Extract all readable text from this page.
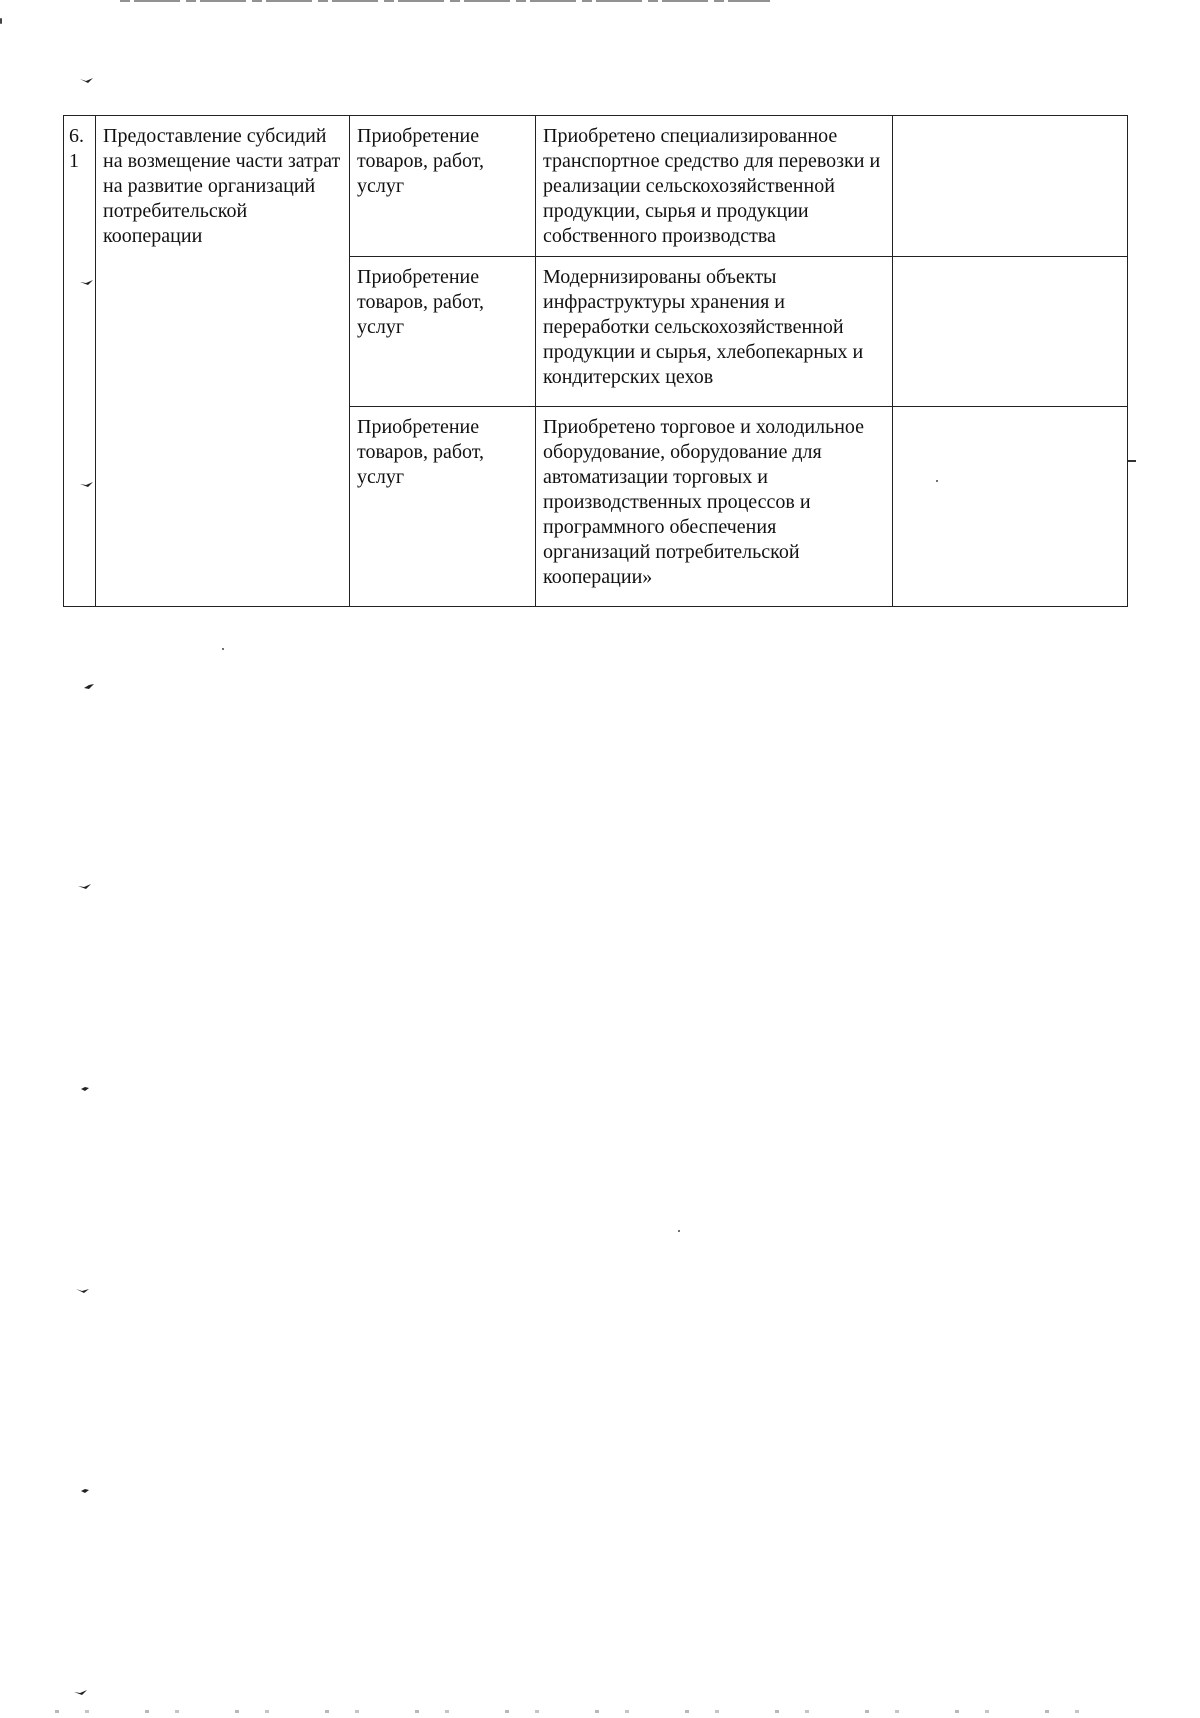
6.1	Предоставление субсидий на возмещение части затрат на развитие организаций потребительской кооперации	Приобретение товаров, работ, услуг	Приобретено специализированное транспортное средство для перевозки и реализации сельскохозяйственной продукции, сырья и продукции собственного производства	
		Приобретение товаров, работ, услуг	Модернизированы объекты инфраструктуры хранения и переработки сельскохозяйственной продукции и сырья, хлебопекарных и кондитерских цехов	
		Приобретение товаров, работ, услуг	Приобретено торговое и холодильное оборудование, оборудование для автоматизации торговых и производственных процессов и программного обеспечения организаций потребительской кооперации»	
